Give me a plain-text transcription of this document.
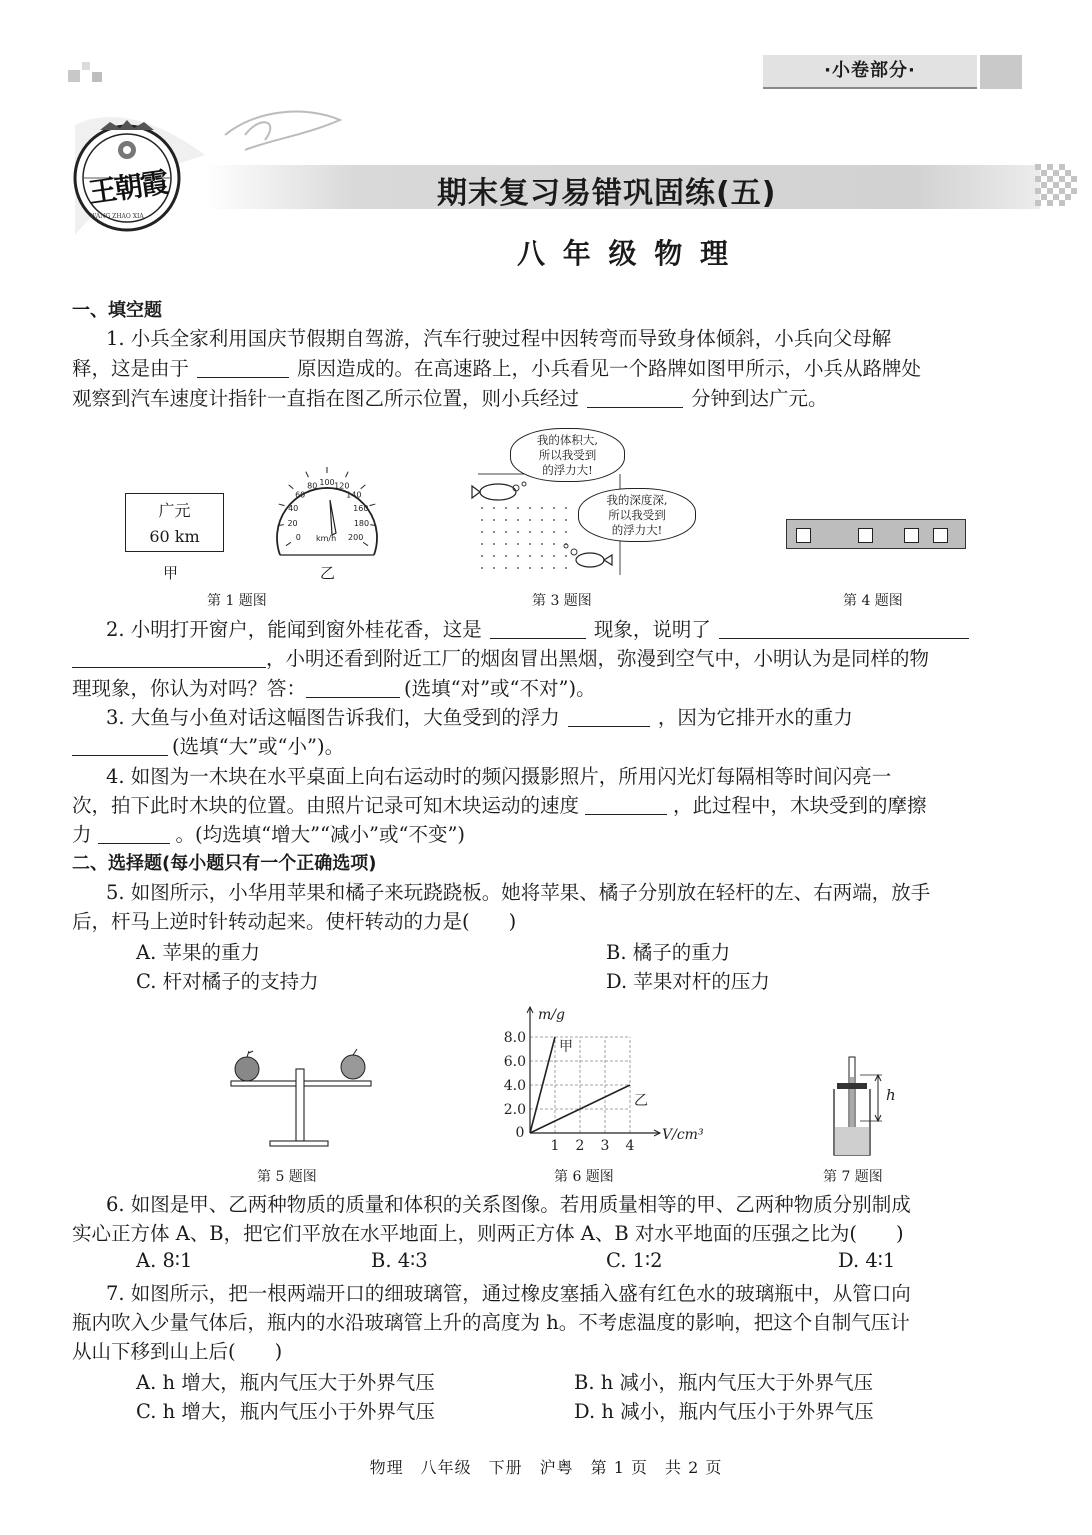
·小卷部分·
WANG ZHAO XIA
王朝霞	期末复习易错巩固练(五)
八 年 级 物 理
一、填空题
1. 小兵全家利用国庆节假期自驾游，汽车行驶过程中因转弯而导致身体倾斜，小兵向父母解
释，这是由于	原因造成的。在高速路上，小兵看见一个路牌如图甲所示，小兵从路牌处
观察到汽车速度计指针一直指在图乙所示位置，则小兵经过	分钟到达广元。
广元
60 km
甲
0
20
40
60
80 100 120
140
160
180
200
km/h
乙
第 1 题图
我的体积大,
所以我受到
的浮力大!
我的深度深,
所以我受到
的浮力大!
第 3 题图	第 4 题图
2. 小明打开窗户，能闻到窗外桂花香，这是	现象，说明了
，小明还看到附近工厂的烟囱冒出黑烟，弥漫到空气中，小明认为是同样的物
理现象，你认为对吗？答：	(选填“对”或“不对”)。
3. 大鱼与小鱼对话这幅图告诉我们，大鱼受到的浮力	，因为它排开水的重力
(选填“大”或“小”)。
4. 如图为一木块在水平桌面上向右运动时的频闪摄影照片，所用闪光灯每隔相等时间闪亮一
次，拍下此时木块的位置。由照片记录可知木块运动的速度	，此过程中，木块受到的摩擦
力	。(均选填“增大”“减小”或“不变”)
二、选择题(每小题只有一个正确选项)
5. 如图所示，小华用苹果和橘子来玩跷跷板。她将苹果、橘子分别放在轻杆的左、右两端，放手
后，杆马上逆时针转动起来。使杆转动的力是(　　)
A. 苹果的重力	B. 橘子的重力
C. 杆对橘子的支持力	D. 苹果对杆的压力
第 5 题图
1 2 3 4
2.0
4.0
6.0
8.0
0
m/g
V/cm³
甲
乙
第 6 题图
h
第 7 题图
6. 如图是甲、乙两种物质的质量和体积的关系图像。若用质量相等的甲、乙两种物质分别制成
实心正方体 A、B，把它们平放在水平地面上，则两正方体 A、B 对水平地面的压强之比为(　　)
A. 8∶1	B. 4∶3	C. 1∶2	D. 4∶1
7. 如图所示，把一根两端开口的细玻璃管，通过橡皮塞插入盛有红色水的玻璃瓶中，从管口向
瓶内吹入少量气体后，瓶内的水沿玻璃管上升的高度为 h。不考虑温度的影响，把这个自制气压计
从山下移到山上后(　　)
A. h 增大，瓶内气压大于外界气压	B. h 减小，瓶内气压大于外界气压
C. h 增大，瓶内气压小于外界气压	D. h 减小，瓶内气压小于外界气压
物理　八年级　下册　沪粤　第 1 页　共 2 页
